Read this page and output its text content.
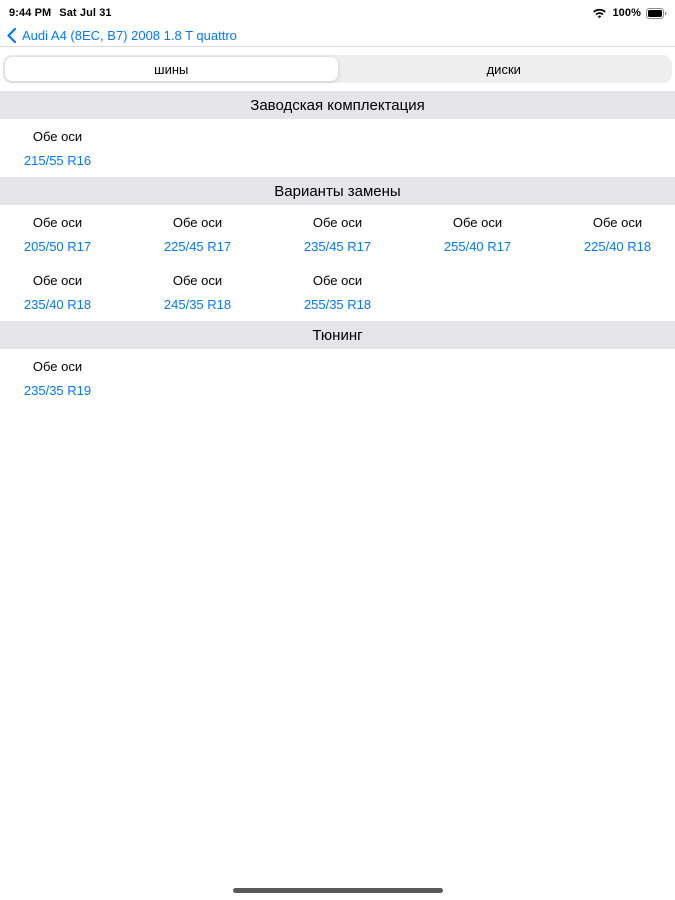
9:44 PM Sat Jul 31	100%
Audi A4 (8EC, B7) 2008 1.8 T quattro
шины	диски
Заводская комплектация
Обе оси
215/55 R16
Варианты замены
Обе оси
205/50 R17
Обе оси
225/45 R17
Обе оси
235/45 R17
Обе оси
255/40 R17
Обе оси
225/40 R18
Обе оси
235/40 R18
Обе оси
245/35 R18
Обе оси
255/35 R18
Тюнинг
Обе оси
235/35 R19
